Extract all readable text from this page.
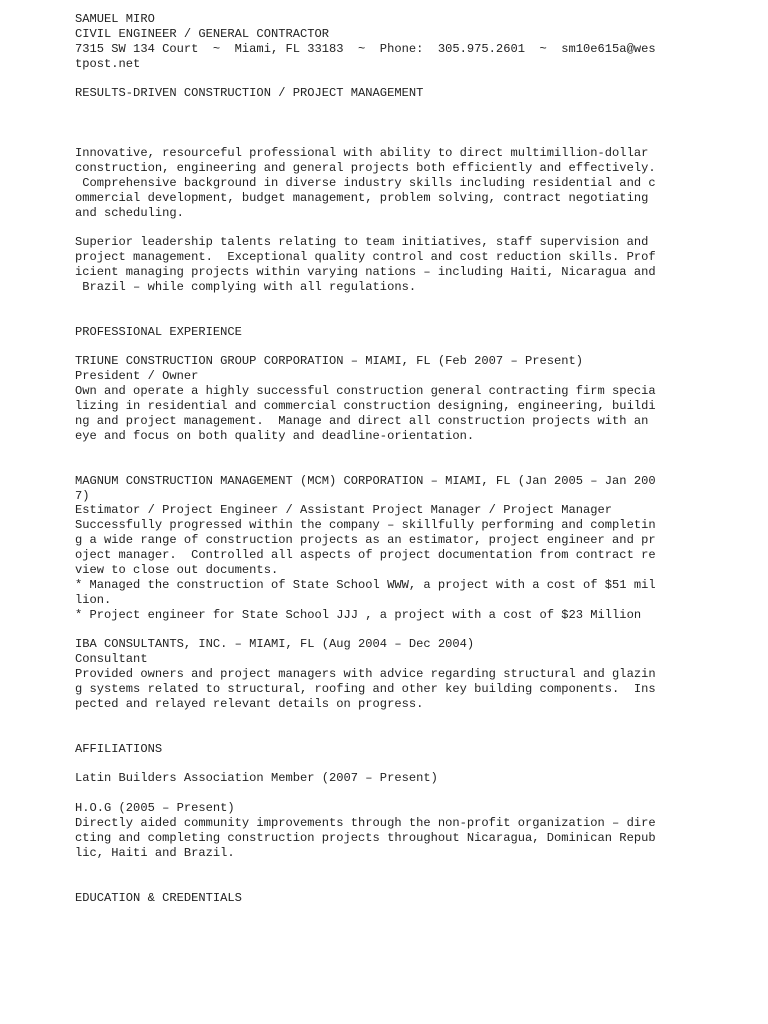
SAMUEL MIRO
CIVIL ENGINEER / GENERAL CONTRACTOR
7315 SW 134 Court  ~  Miami, FL 33183  ~  Phone:  305.975.2601  ~  sm10e615a@wes
tpost.net
RESULTS-DRIVEN CONSTRUCTION / PROJECT MANAGEMENT
Innovative, resourceful professional with ability to direct multimillion-dollar
construction, engineering and general projects both efficiently and effectively.
Comprehensive background in diverse industry skills including residential and c
ommercial development, budget management, problem solving, contract negotiating
and scheduling.
Superior leadership talents relating to team initiatives, staff supervision and
project management.  Exceptional quality control and cost reduction skills. Prof
icient managing projects within varying nations – including Haiti, Nicaragua and
Brazil – while complying with all regulations.
PROFESSIONAL EXPERIENCE
TRIUNE CONSTRUCTION GROUP CORPORATION – MIAMI, FL (Feb 2007 – Present)
President / Owner
Own and operate a highly successful construction general contracting firm specia
lizing in residential and commercial construction designing, engineering, buildi
ng and project management.  Manage and direct all construction projects with an
eye and focus on both quality and deadline-orientation.
MAGNUM CONSTRUCTION MANAGEMENT (MCM) CORPORATION – MIAMI, FL (Jan 2005 – Jan 200
7)
Estimator / Project Engineer / Assistant Project Manager / Project Manager
Successfully progressed within the company – skillfully performing and completin
g a wide range of construction projects as an estimator, project engineer and pr
oject manager.  Controlled all aspects of project documentation from contract re
view to close out documents.
* Managed the construction of State School WWW, a project with a cost of $51 mil
lion.
* Project engineer for State School JJJ , a project with a cost of $23 Million
IBA CONSULTANTS, INC. – MIAMI, FL (Aug 2004 – Dec 2004)
Consultant
Provided owners and project managers with advice regarding structural and glazin
g systems related to structural, roofing and other key building components.  Ins
pected and relayed relevant details on progress.
AFFILIATIONS
Latin Builders Association Member (2007 – Present)
H.O.G (2005 – Present)
Directly aided community improvements through the non-profit organization – dire
cting and completing construction projects throughout Nicaragua, Dominican Repub
lic, Haiti and Brazil.
EDUCATION & CREDENTIALS
